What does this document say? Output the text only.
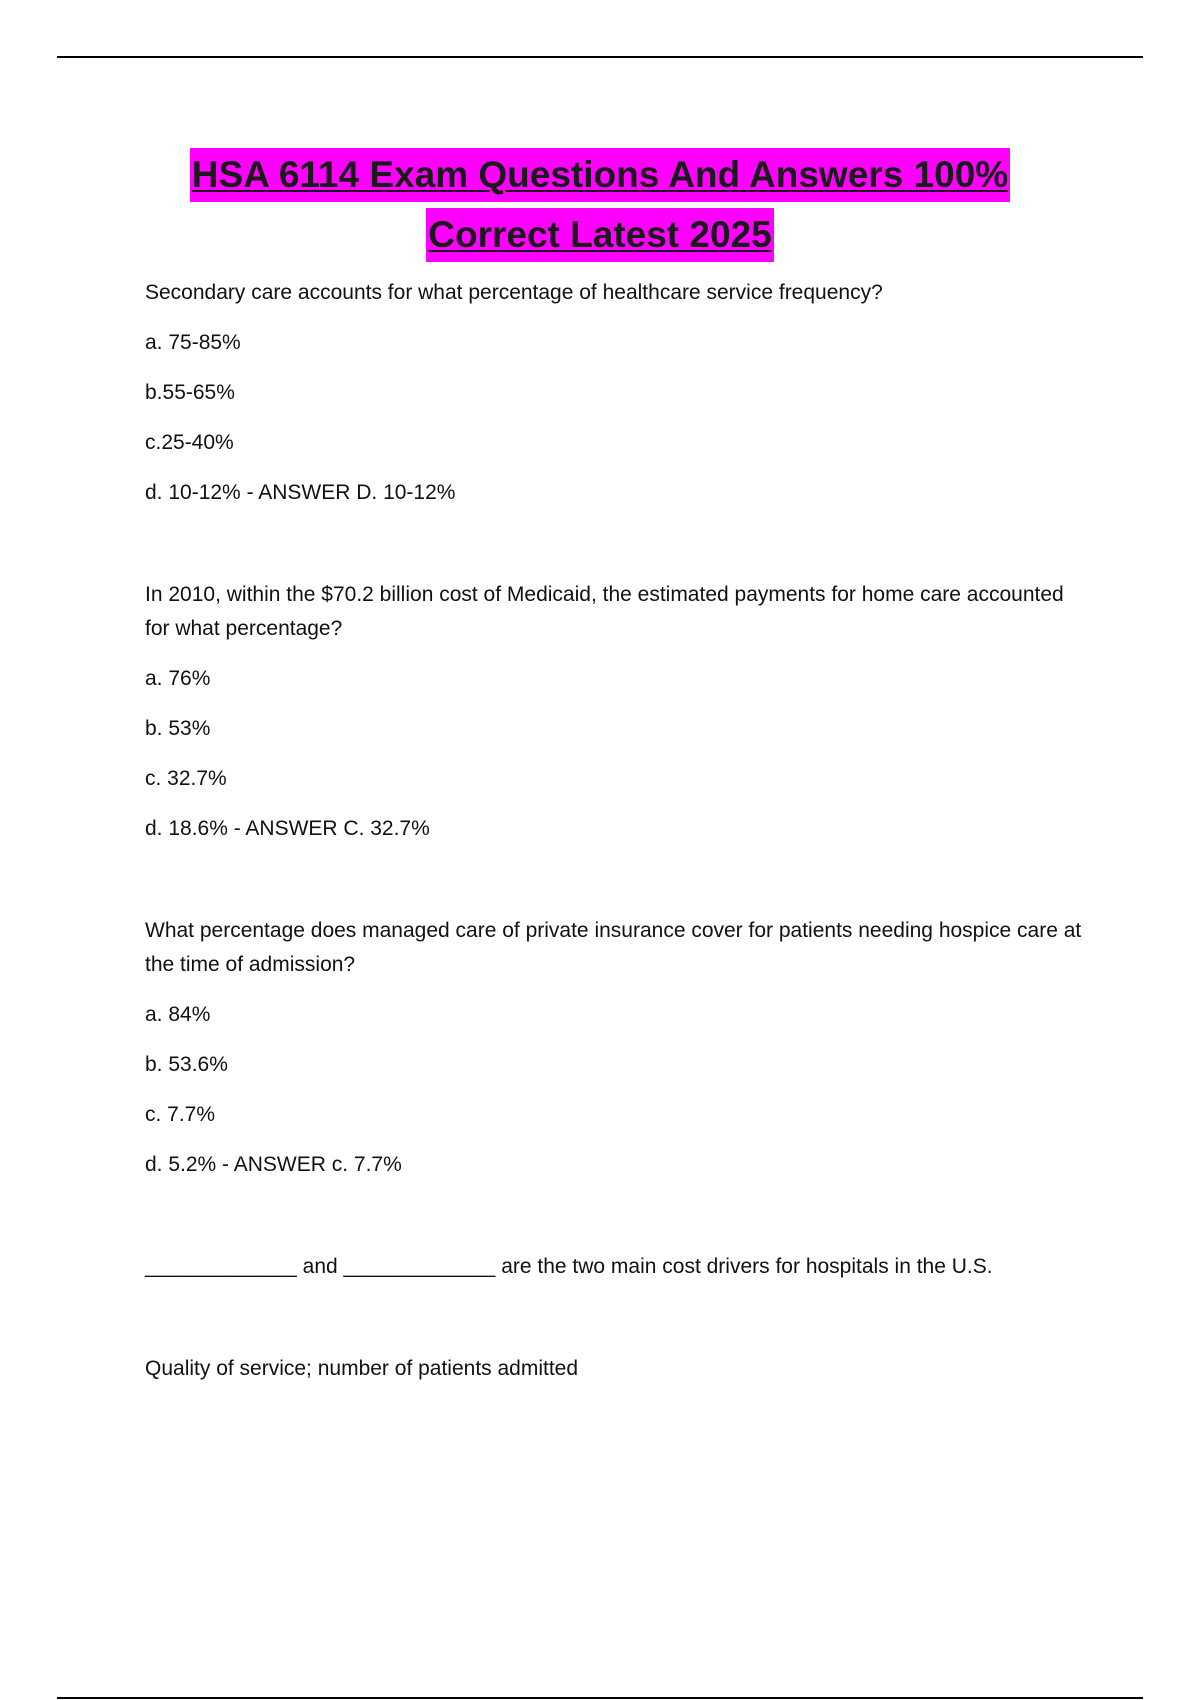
HSA 6114 Exam Questions And Answers 100%
Correct Latest 2025

Secondary care accounts for what percentage of healthcare service frequency?

a. 75-85%

b.55-65%

c.25-40%

d. 10-12% - ANSWER D. 10-12%

In 2010, within the $70.2 billion cost of Medicaid, the estimated payments for home care accounted for what percentage?

a. 76%

b. 53%

c. 32.7%

d. 18.6% - ANSWER C. 32.7%

What percentage does managed care of private insurance cover for patients needing hospice care at the time of admission?

a. 84%

b. 53.6%

c. 7.7%

d. 5.2% - ANSWER c. 7.7%

_____________ and _____________ are the two main cost drivers for hospitals in the U.S.

Quality of service; number of patients admitted
